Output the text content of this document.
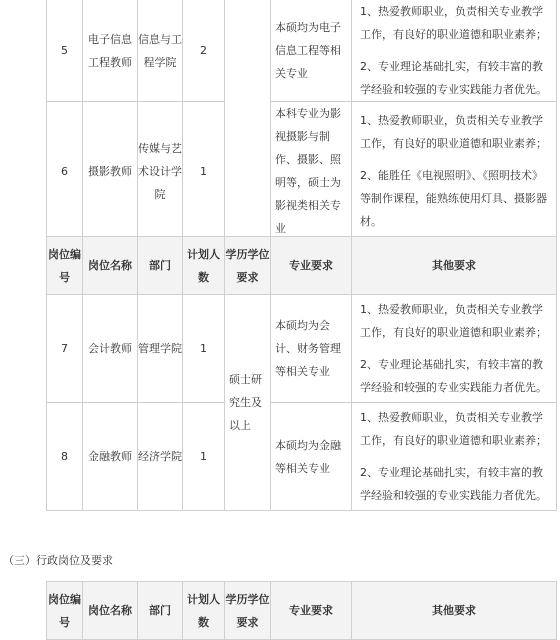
5	电子信息工程教师	信息与工程学院	2		本硕均为电子信息工程等相关专业	1、热爱教师职业，负责相关专业教学工作，有良好的职业道德和职业素养；

2、专业理论基础扎实，有较丰富的教学经验和较强的专业实践能力者优先。

6	摄影教师	传媒与艺术设计学院	1		本科专业为影视摄影与制作、摄影、照明等，硕士为影视类相关专业	1、热爱教师职业，负责相关专业教学工作，有良好的职业道德和职业素养；

2、能胜任《电视照明》、《照明技术》等制作课程，能熟练使用灯具、摄影器材。

岗位编号	岗位名称	部门	计划人数	学历学位要求	专业要求	其他要求
7	会计教师	管理学院	1	硕士研究生及以上	本硕均为会计、财务管理等相关专业	1、热爱教师职业，负责相关专业教学工作，有良好的职业道德和职业素养；

2、专业理论基础扎实，有较丰富的教学经验和较强的专业实践能力者优先。

8	金融教师	经济学院	1		本硕均为金融等相关专业	1、热爱教师职业，负责相关专业教学工作，有良好的职业道德和职业素养；

2、专业理论基础扎实，有较丰富的教学经验和较强的专业实践能力者优先。

（三）行政岗位及要求
岗位编号	岗位名称	部门	计划人数	学历学位要求	专业要求	其他要求
